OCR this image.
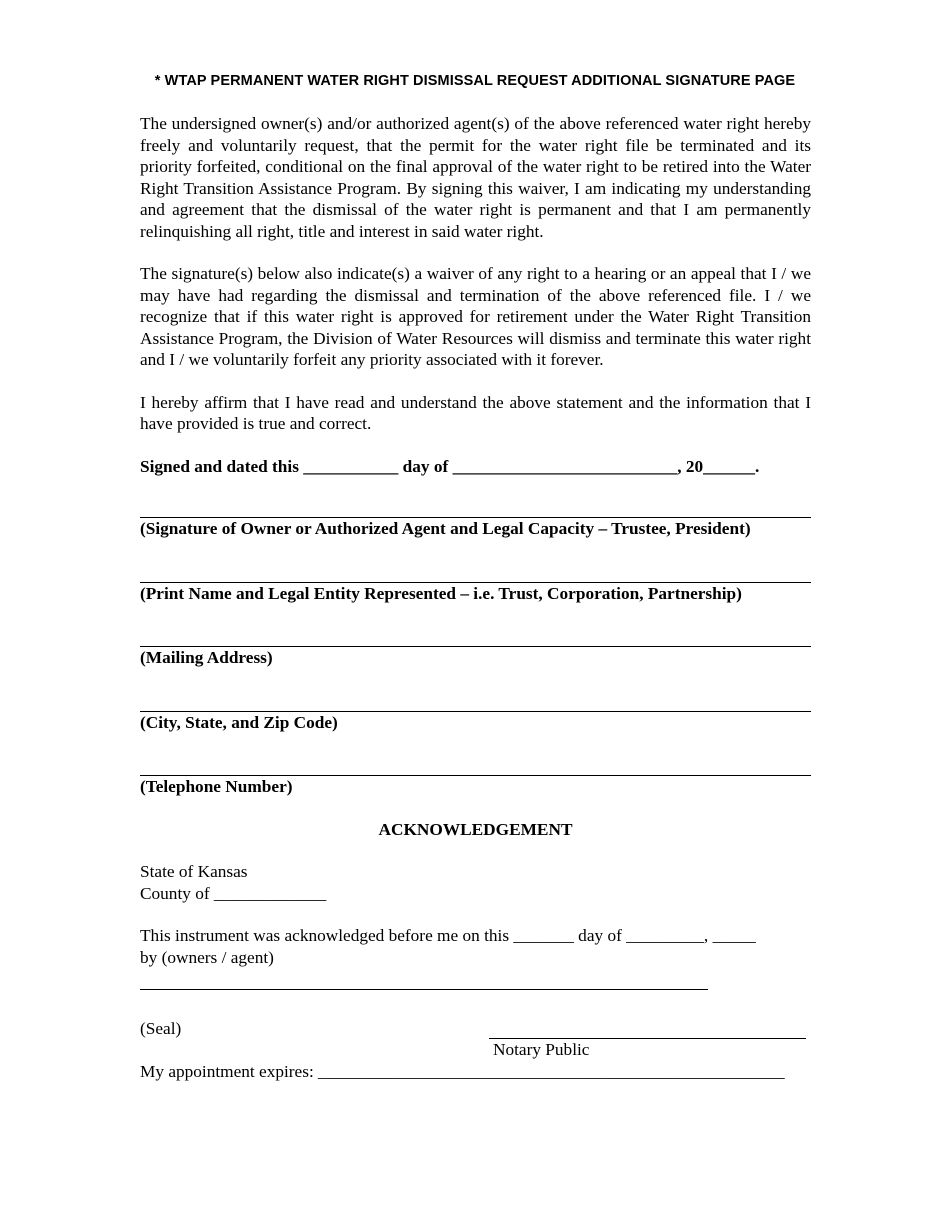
* WTAP PERMANENT WATER RIGHT DISMISSAL REQUEST ADDITIONAL SIGNATURE PAGE

The undersigned owner(s) and/or authorized agent(s) of the above referenced water right hereby freely and voluntarily request, that the permit for the water right file be terminated and its priority forfeited, conditional on the final approval of the water right to be retired into the Water Right Transition Assistance Program. By signing this waiver, I am indicating my understanding and agreement that the dismissal of the water right is permanent and that I am permanently relinquishing all right, title and interest in said water right.

The signature(s) below also indicate(s) a waiver of any right to a hearing or an appeal that I / we may have had regarding the dismissal and termination of the above referenced file. I / we recognize that if this water right is approved for retirement under the Water Right Transition Assistance Program, the Division of Water Resources will dismiss and terminate this water right and I / we voluntarily forfeit any priority associated with it forever.

I hereby affirm that I have read and understand the above statement and the information that I have provided is true and correct.

Signed and dated this ___________ day of __________________________, 20______.

(Signature of Owner or Authorized Agent and Legal Capacity – Trustee, President)

(Print Name and Legal Entity Represented – i.e. Trust, Corporation, Partnership)

(Mailing Address)

(City, State, and Zip Code)

(Telephone Number)

ACKNOWLEDGEMENT

State of Kansas

County of _____________

This instrument was acknowledged before me on this _______ day of _________, _____

by (owners / agent)

(Seal)
Notary Public

My appointment expires: ______________________________________________________
